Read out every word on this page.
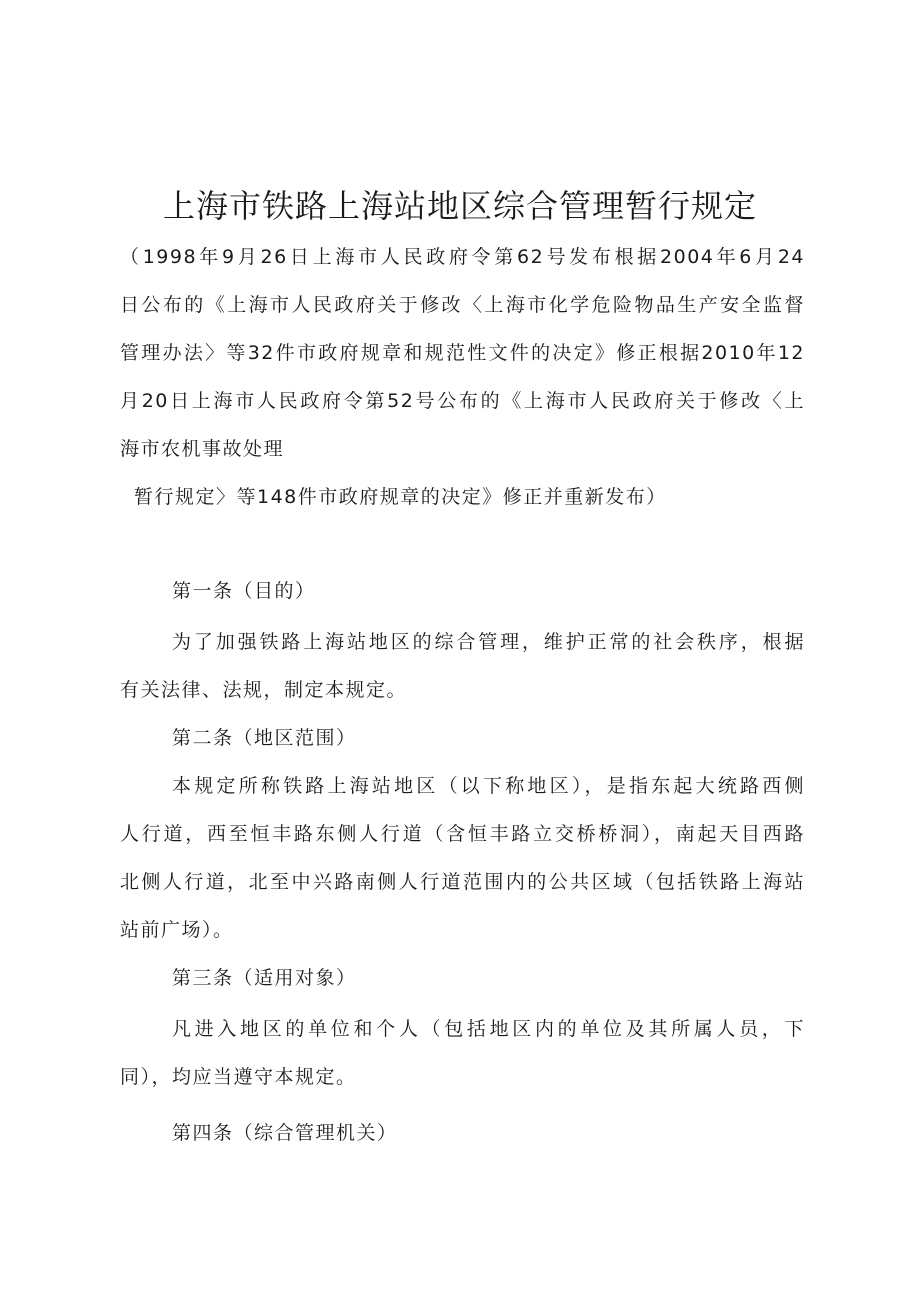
上海市铁路上海站地区综合管理暂行规定
（1998年9月26日上海市人民政府令第62号发布根据2004年6月24
日公布的《上海市人民政府关于修改〈上海市化学危险物品生产安全监督
管理办法〉等32件市政府规章和规范性文件的决定》修正根据2010年12
月20日上海市人民政府令第52号公布的《上海市人民政府关于修改〈上
海市农机事故处理
暂行规定〉等148件市政府规章的决定》修正并重新发布）
第一条（目的）
为了加强铁路上海站地区的综合管理，维护正常的社会秩序，根据
有关法律、法规，制定本规定。
第二条（地区范围）
本规定所称铁路上海站地区（以下称地区），是指东起大统路西侧
人行道，西至恒丰路东侧人行道（含恒丰路立交桥桥洞），南起天目西路
北侧人行道，北至中兴路南侧人行道范围内的公共区域（包括铁路上海站
站前广场）。
第三条（适用对象）
凡进入地区的单位和个人（包括地区内的单位及其所属人员，下
同），均应当遵守本规定。
第四条（综合管理机关）
